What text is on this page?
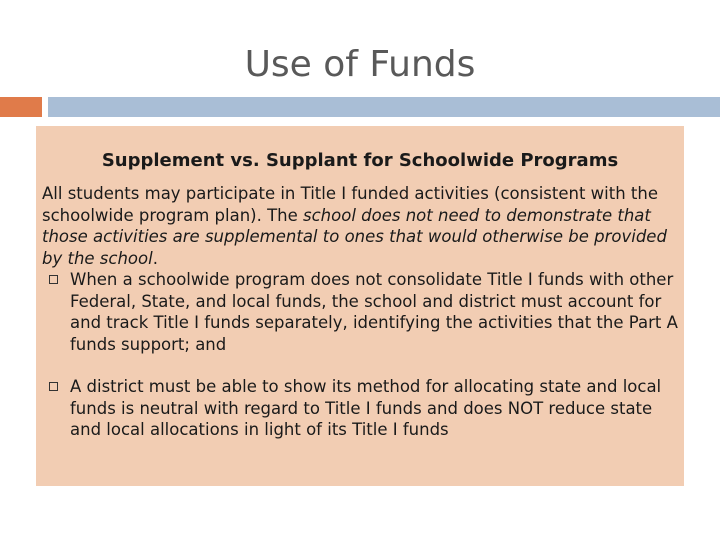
Use of Funds
Supplement vs. Supplant for Schoolwide Programs

All students may participate in Title I funded activities (consistent with the schoolwide program plan). The school does not need to demonstrate that those activities are supplemental to ones that would otherwise be provided by the school.

When a schoolwide program does not consolidate Title I funds with other Federal, State, and local funds, the school and district must account for and track Title I funds separately, identifying the activities that the Part A funds support; and
A district must be able to show its method for allocating state and local funds is neutral with regard to Title I funds and does NOT reduce state and local allocations in light of its Title I funds
